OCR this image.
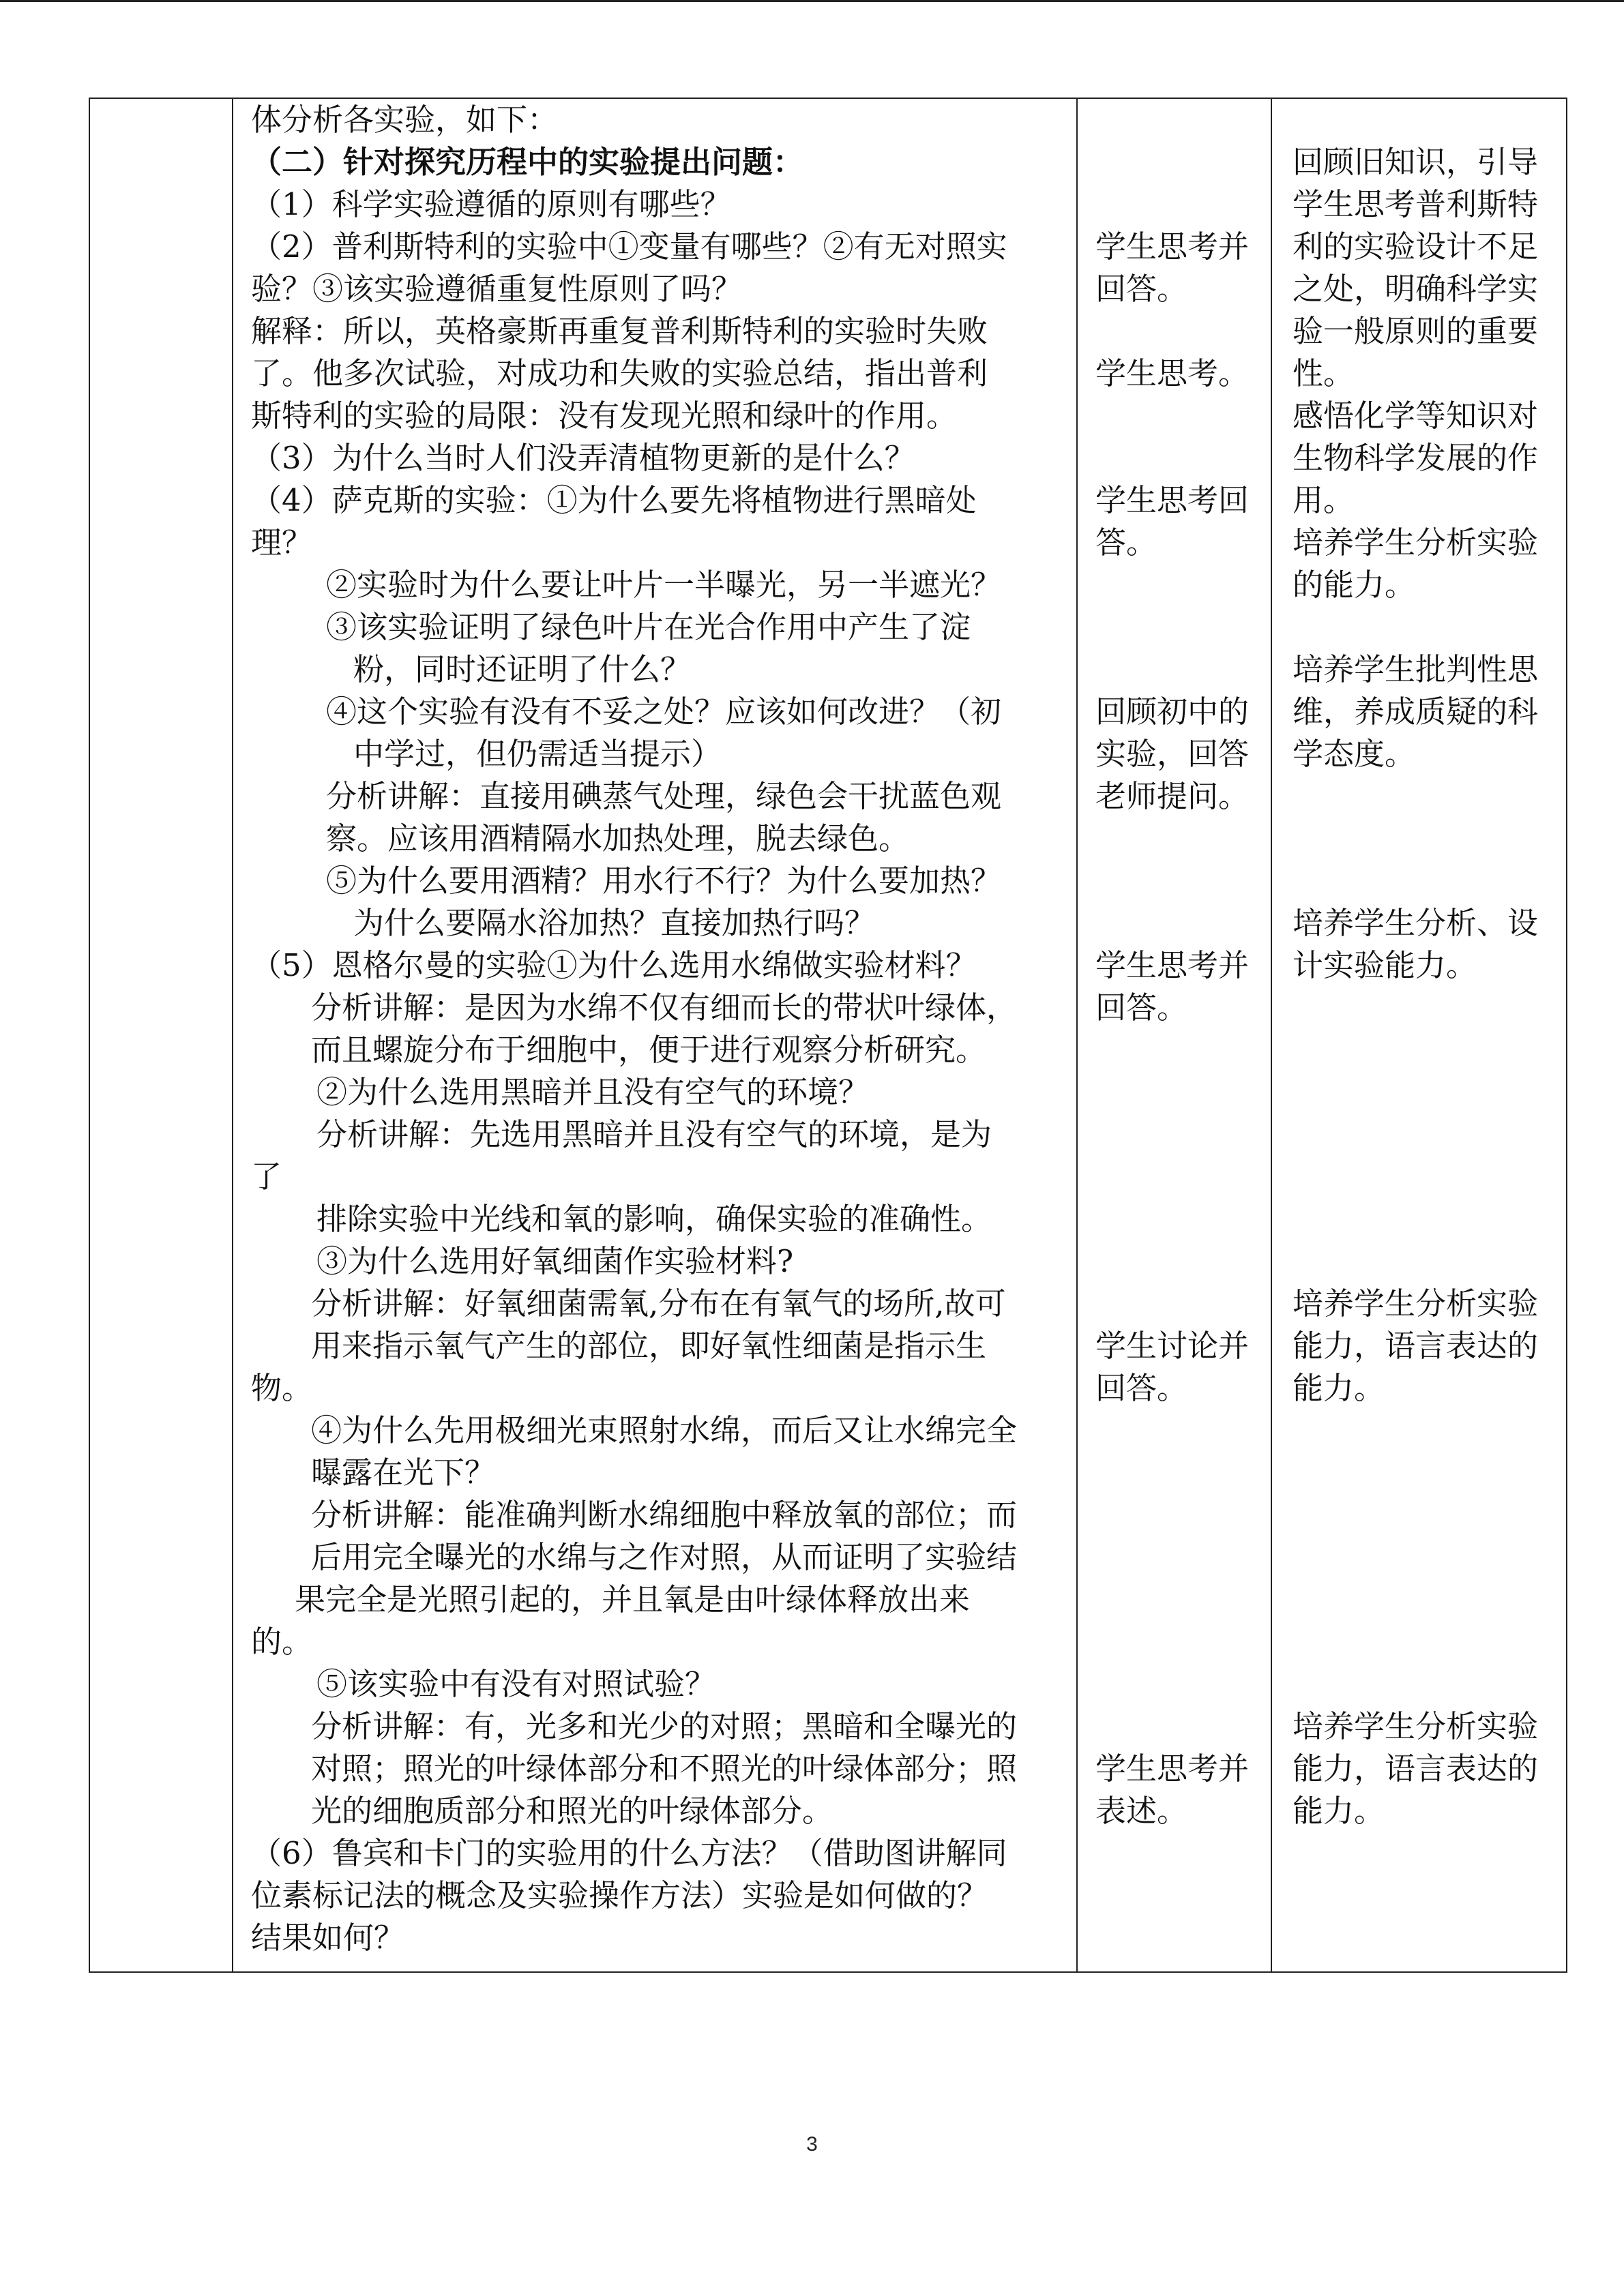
体分析各实验，如下：
（二）针对探究历程中的实验提出问题：
（1）科学实验遵循的原则有哪些？
（2）普利斯特利的实验中①变量有哪些？②有无对照实
验？③该实验遵循重复性原则了吗？
解释：所以，英格豪斯再重复普利斯特利的实验时失败
了。他多次试验，对成功和失败的实验总结，指出普利
斯特利的实验的局限：没有发现光照和绿叶的作用。
（3）为什么当时人们没弄清植物更新的是什么？
（4）萨克斯的实验：①为什么要先将植物进行黑暗处
理？
②实验时为什么要让叶片一半曝光，另一半遮光？
③该实验证明了绿色叶片在光合作用中产生了淀
粉，同时还证明了什么？
④这个实验有没有不妥之处？应该如何改进？（初
中学过，但仍需适当提示）
分析讲解：直接用碘蒸气处理，绿色会干扰蓝色观
察。应该用酒精隔水加热处理，脱去绿色。
⑤为什么要用酒精？用水行不行？为什么要加热？
为什么要隔水浴加热？直接加热行吗？
（5）恩格尔曼的实验①为什么选用水绵做实验材料？
分析讲解：是因为水绵不仅有细而长的带状叶绿体，
而且螺旋分布于细胞中，便于进行观察分析研究。
②为什么选用黑暗并且没有空气的环境？
分析讲解：先选用黑暗并且没有空气的环境，是为
了
排除实验中光线和氧的影响，确保实验的准确性。
③为什么选用好氧细菌作实验材料?
分析讲解：好氧细菌需氧,分布在有氧气的场所,故可
用来指示氧气产生的部位，即好氧性细菌是指示生
物。
④为什么先用极细光束照射水绵，而后又让水绵完全
曝露在光下？
分析讲解：能准确判断水绵细胞中释放氧的部位；而
后用完全曝光的水绵与之作对照，从而证明了实验结
果完全是光照引起的，并且氧是由叶绿体释放出来
的。
⑤该实验中有没有对照试验？
分析讲解：有，光多和光少的对照；黑暗和全曝光的
对照；照光的叶绿体部分和不照光的叶绿体部分；照
光的细胞质部分和照光的叶绿体部分。
（6）鲁宾和卡门的实验用的什么方法？（借助图讲解同
位素标记法的概念及实验操作方法）实验是如何做的？
结果如何？
学生思考并
回答。
学生思考。
学生思考回
答。
回顾初中的
实验，回答
老师提问。
学生思考并
回答。
学生讨论并
回答。
学生思考并
表述。
回顾旧知识，引导
学生思考普利斯特
利的实验设计不足
之处，明确科学实
验一般原则的重要
性。
感悟化学等知识对
生物科学发展的作
用。
培养学生分析实验
的能力。
培养学生批判性思
维，养成质疑的科
学态度。
培养学生分析、设
计实验能力。
培养学生分析实验
能力，语言表达的
能力。
培养学生分析实验
能力，语言表达的
能力。
3
